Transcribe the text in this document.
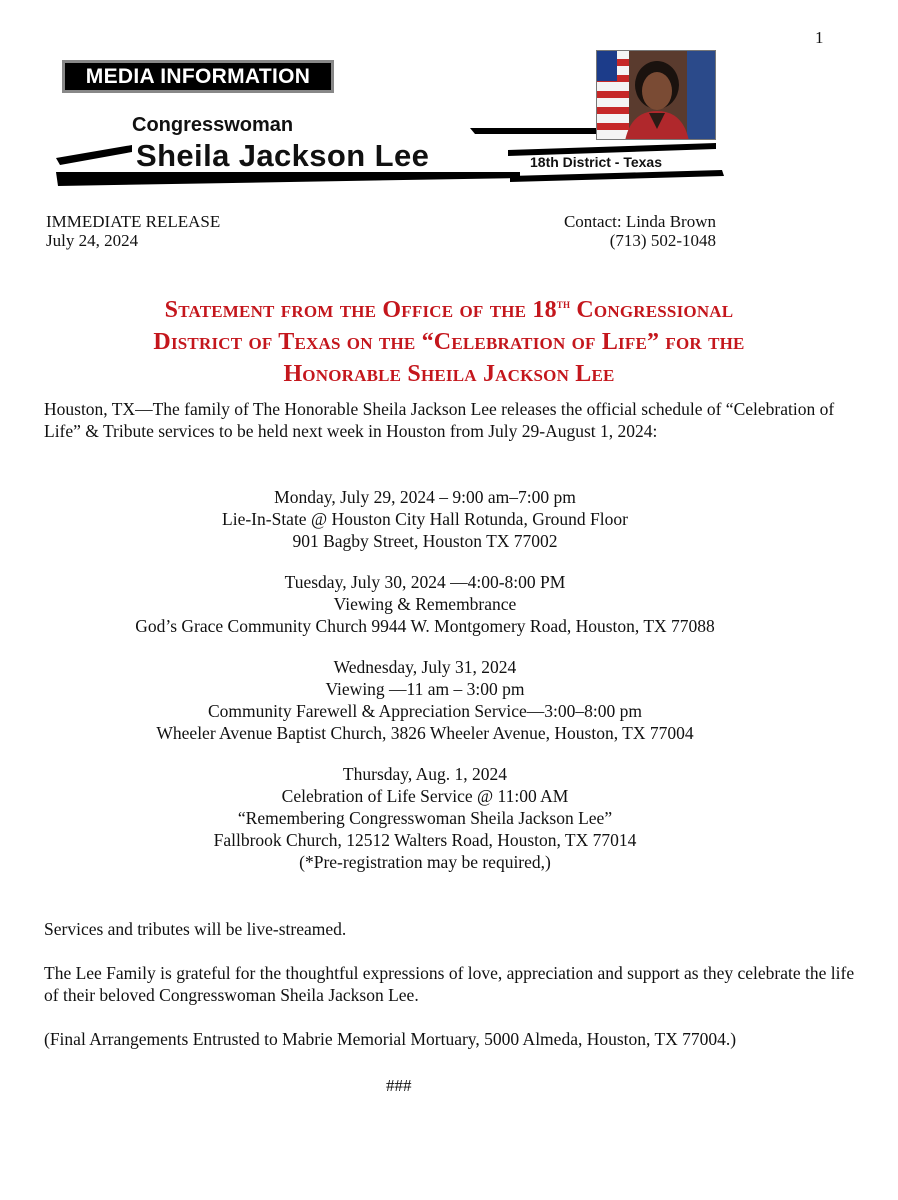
1
MEDIA INFORMATION
Congresswoman
Sheila Jackson Lee	18th District - Texas
IMMEDIATE RELEASE
July 24, 2024
Contact: Linda Brown
(713) 502-1048
Statement from the Office of the 18th Congressional
District of Texas on the “Celebration of Life” for the
Honorable Sheila Jackson Lee
Houston, TX—The family of The Honorable Sheila Jackson Lee releases the official schedule of “Celebration of Life” & Tribute services to be held next week in Houston from July 29-August 1, 2024:
Monday, July 29, 2024 – 9:00 am–7:00 pm
Lie-In-State @ Houston City Hall Rotunda, Ground Floor
901 Bagby Street, Houston TX 77002
Tuesday, July 30, 2024 —4:00-8:00 PM
Viewing & Remembrance
God’s Grace Community Church 9944 W. Montgomery Road, Houston, TX 77088
Wednesday, July 31, 2024
Viewing —11 am – 3:00 pm
Community Farewell & Appreciation Service—3:00–8:00 pm
Wheeler Avenue Baptist Church, 3826 Wheeler Avenue, Houston, TX 77004
Thursday, Aug. 1, 2024
Celebration of Life Service @ 11:00 AM
“Remembering Congresswoman Sheila Jackson Lee”
Fallbrook Church, 12512 Walters Road, Houston, TX 77014
(*Pre-registration may be required,)
Services and tributes will be live-streamed.
The Lee Family is grateful for the thoughtful expressions of love, appreciation and support as they celebrate the life of their beloved Congresswoman Sheila Jackson Lee.
(Final Arrangements Entrusted to Mabrie Memorial Mortuary, 5000 Almeda, Houston, TX 77004.)
###
